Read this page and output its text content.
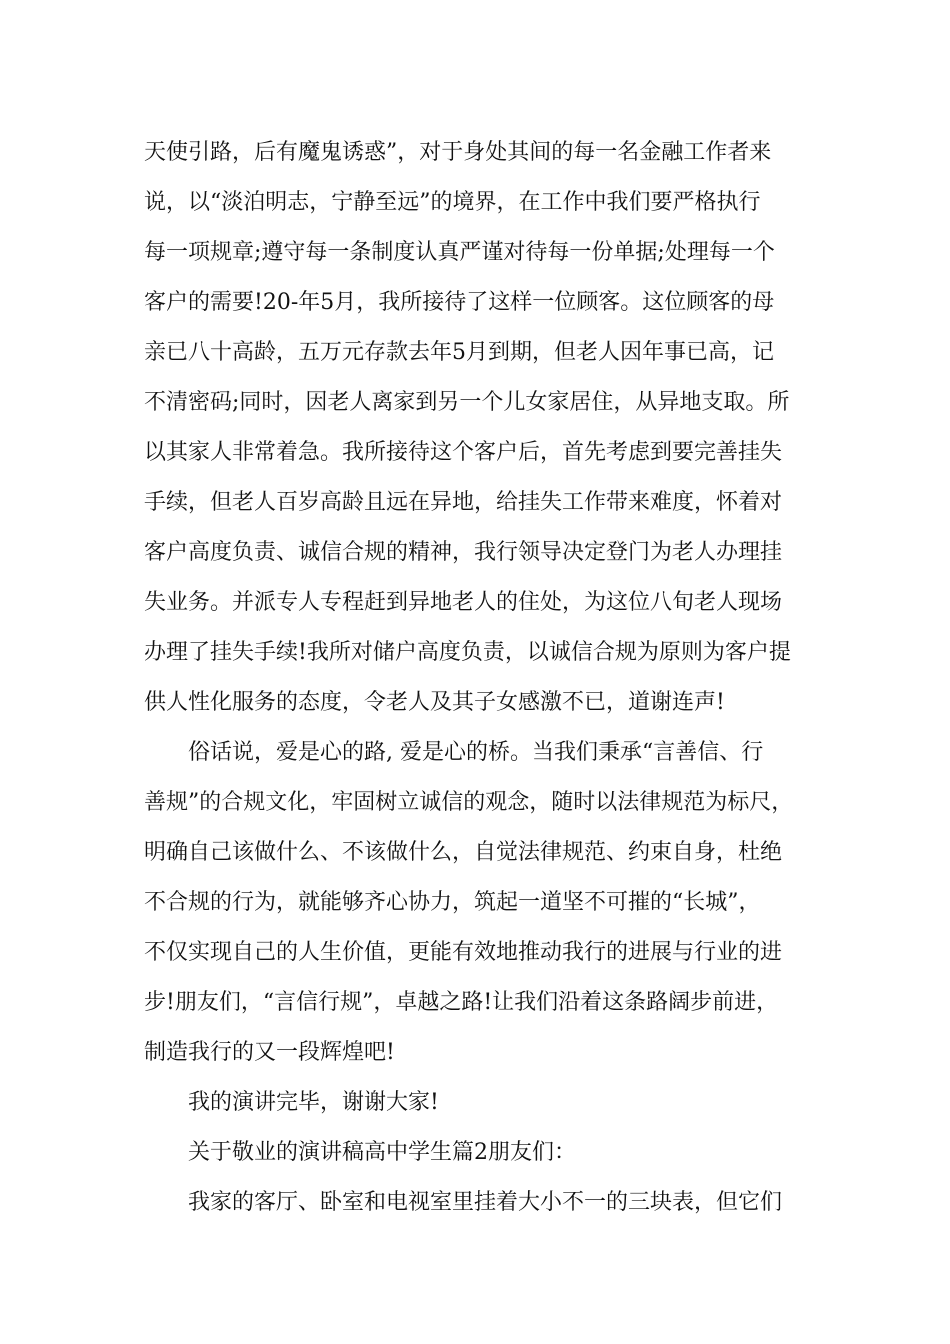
天使引路，后有魔鬼诱惑”，对于身处其间的每一名金融工作者来

说，以“淡泊明志，宁静至远”的境界，在工作中我们要严格执行

每一项规章;遵守每一条制度认真严谨对待每一份单据;处理每一个

客户的需要!20-年5月，我所接待了这样一位顾客。这位顾客的母

亲已八十高龄，五万元存款去年5月到期，但老人因年事已高，记

不清密码;同时，因老人离家到另一个儿女家居住，从异地支取。所

以其家人非常着急。我所接待这个客户后，首先考虑到要完善挂失

手续，但老人百岁高龄且远在异地，给挂失工作带来难度，怀着对

客户高度负责、诚信合规的精神，我行领导决定登门为老人办理挂

失业务。并派专人专程赶到异地老人的住处，为这位八旬老人现场

办理了挂失手续!我所对储户高度负责，以诚信合规为原则为客户提

供人性化服务的态度，令老人及其子女感激不已，道谢连声!

俗话说，爱是心的路, 爱是心的桥。当我们秉承“言善信、行

善规”的合规文化，牢固树立诚信的观念，随时以法律规范为标尺，

明确自己该做什么、不该做什么，自觉法律规范、约束自身，杜绝

不合规的行为，就能够齐心协力，筑起一道坚不可摧的“长城”，

不仅实现自己的人生价值，更能有效地推动我行的进展与行业的进

步!朋友们，“言信行规”，卓越之路!让我们沿着这条路阔步前进，

制造我行的又一段辉煌吧!

我的演讲完毕，谢谢大家!

关于敬业的演讲稿高中学生篇2朋友们：

我家的客厅、卧室和电视室里挂着大小不一的三块表，但它们
